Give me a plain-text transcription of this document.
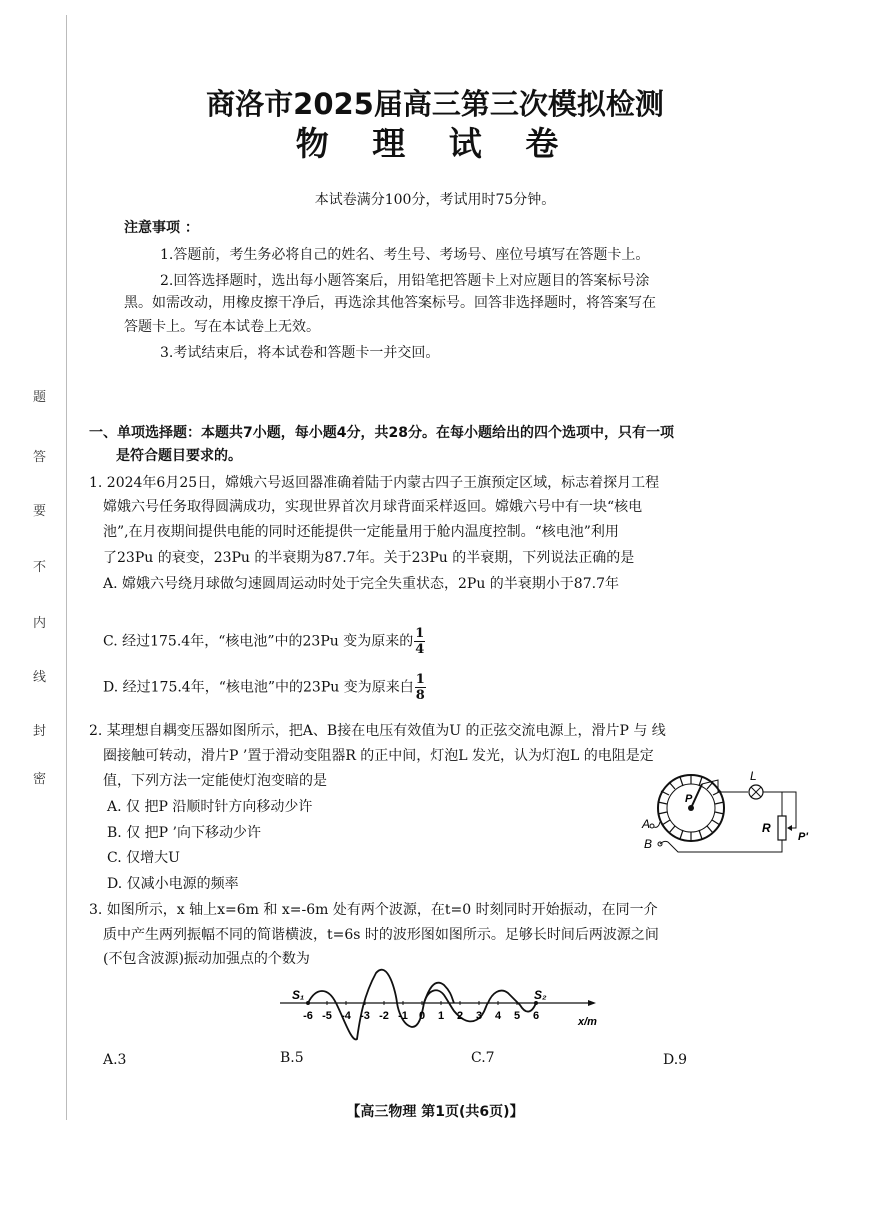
题
答
要
不
内
线
封
密
商洛市2025届高三第三次模拟检测
物 理 试 卷
本试卷满分100分，考试用时75分钟。
注意事项 ：
1.答题前，考生务必将自己的姓名、考生号、考场号、座位号填写在答题卡上。
2.回答选择题时，选出每小题答案后，用铅笔把答题卡上对应题目的答案标号涂
黑。如需改动，用橡皮擦干净后，再选涂其他答案标号。回答非选择题时，将答案写在
答题卡上。写在本试卷上无效。
3.考试结束后，将本试卷和答题卡一并交回。
一、单项选择题：本题共7小题，每小题4分，共28分。在每小题给出的四个选项中，只有一项
是符合题目要求的。
1. 2024年6月25日，嫦娥六号返回器准确着陆于内蒙古四子王旗预定区域，标志着探月工程
嫦娥六号任务取得圆满成功，实现世界首次月球背面采样返回。嫦娥六号中有一块“核电
池”,在月夜期间提供电能的同时还能提供一定能量用于舱内温度控制。“核电池”利用
了23Pu 的衰变，23Pu 的半衰期为87.7年。关于23Pu 的半衰期，下列说法正确的是
A. 嫦娥六号绕月球做匀速圆周运动时处于完全失重状态，2Pu 的半衰期小于87.7年
C. 经过175.4年，“核电池”中的23Pu 变为原来的 $\frac{1}{4}$
D. 经过175.4年，“核电池”中的23Pu 变为原来白 $\frac{1}{8}$
2. 某理想自耦变压器如图所示，把A、B接在电压有效值为U 的正弦交流电源上，滑片P 与 线
圈接触可转动，滑片P ’置于滑动变阻器R 的正中间，灯泡L 发光，认为灯泡L 的电阻是定
值，下列方法一定能使灯泡变暗的是
A. 仅 把P 沿顺时针方向移动少许
B. 仅 把P ’向下移动少许
C. 仅增大U
D. 仅减小电源的频率
P
L
R
P'
A
B
3. 如图所示，x 轴上x=6m 和 x=-6m 处有两个波源，在t=0 时刻同时开始振动，在同一介
质中产生两列振幅不同的简谐横波，t=6s 时的波形图如图所示。足够长时间后两波源之间
(不包含波源)振动加强点的个数为
S₁	S₂
-6 -5 -4 -3 -2 -1 0 1 2 3 4 5 6	x/m
A.3	B.5	C.7	D.9
【高三物理 第1页(共6页)】
